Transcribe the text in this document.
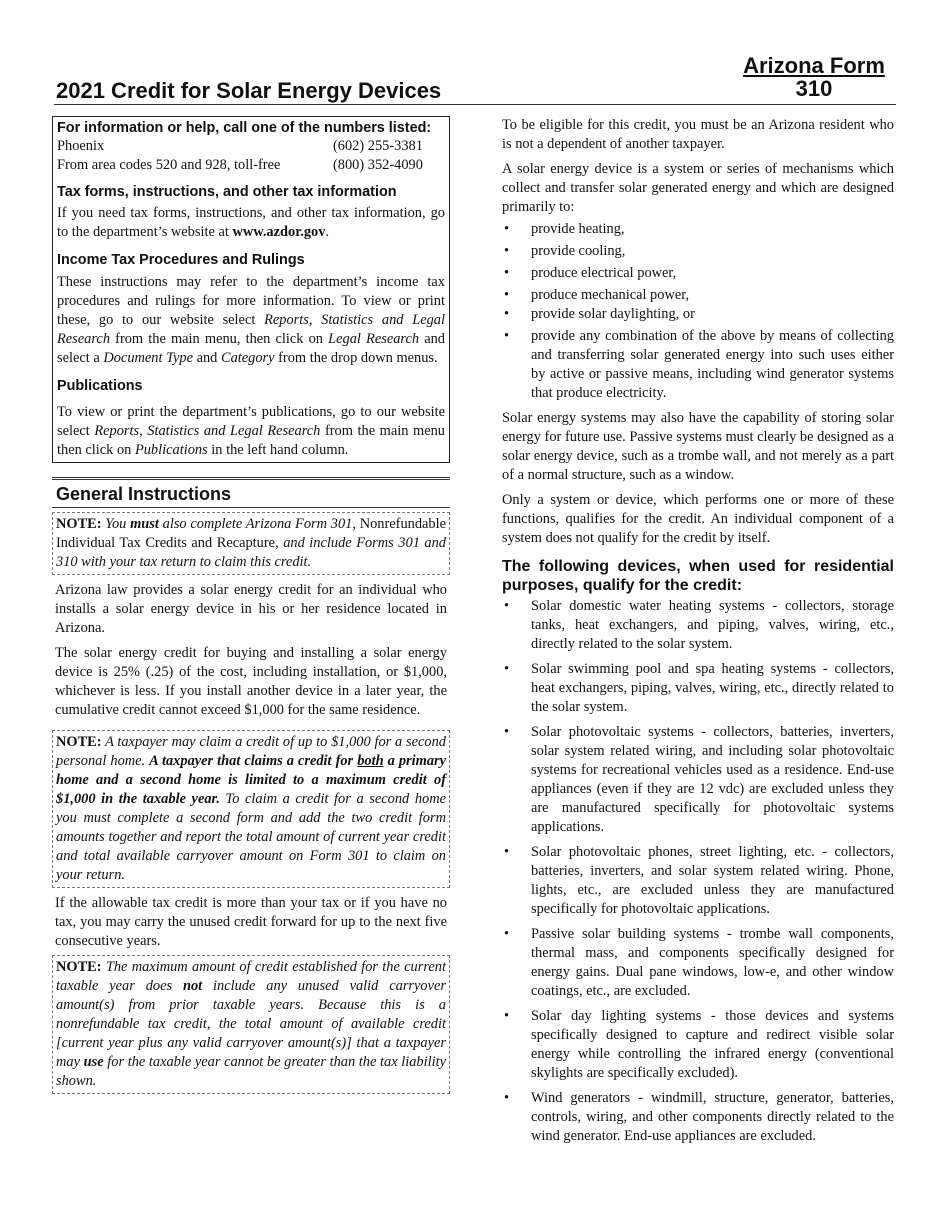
2021 Credit for Solar Energy Devices
Arizona Form
310

For information or help, call one of the numbers listed:

Phoenix	(602) 255-3381
From area codes 520 and 928, toll-free	(800) 352-4090

Tax forms, instructions, and other tax information

If you need tax forms, instructions, and other tax information, go to the department’s website at www.azdor.gov.

Income Tax Procedures and Rulings

These instructions may refer to the department’s income tax procedures and rulings for more information. To view or print these, go to our website select Reports, Statistics and Legal Research from the main menu, then click on Legal Research and select a Document Type and Category from the drop down menus.

Publications

To view or print the department’s publications, go to our website select Reports, Statistics and Legal Research from the main menu then click on Publications in the left hand column.

General Instructions

NOTE: You must also complete Arizona Form 301, Nonrefundable Individual Tax Credits and Recapture, and include Forms 301 and 310 with your tax return to claim this credit.

Arizona law provides a solar energy credit for an individual who installs a solar energy device in his or her residence located in Arizona.

The solar energy credit for buying and installing a solar energy device is 25% (.25) of the cost, including installation, or $1,000, whichever is less. If you install another device in a later year, the cumulative credit cannot exceed $1,000 for the same residence.

NOTE: A taxpayer may claim a credit of up to $1,000 for a second personal home. A taxpayer that claims a credit for both a primary home and a second home is limited to a maximum credit of $1,000 in the taxable year. To claim a credit for a second home you must complete a second form and add the two credit form amounts together and report the total amount of current year credit and total available carryover amount on Form 301 to claim on your return.

If the allowable tax credit is more than your tax or if you have no tax, you may carry the unused credit forward for up to the next five consecutive years.

NOTE: The maximum amount of credit established for the current taxable year does not include any unused valid carryover amount(s) from prior taxable years. Because this is a nonrefundable tax credit, the total amount of available credit [current year plus any valid carryover amount(s)] that a taxpayer may use for the taxable year cannot be greater than the tax liability shown.

To be eligible for this credit, you must be an Arizona resident who is not a dependent of another taxpayer.

A solar energy device is a system or series of mechanisms which collect and transfer solar generated energy and which are designed primarily to:

• provide heating,
• provide cooling,
• produce electrical power,
• produce mechanical power,
• provide solar daylighting, or
• provide any combination of the above by means of collecting and transferring solar generated energy into such uses either by active or passive means, including wind generator systems that produce electricity.

Solar energy systems may also have the capability of storing solar energy for future use. Passive systems must clearly be designed as a solar energy device, such as a trombe wall, and not merely as a part of a normal structure, such as a window.

Only a system or device, which performs one or more of these functions, qualifies for the credit. An individual component of a system does not qualify for the credit by itself.

The following devices, when used for residential purposes, qualify for the credit:

• Solar domestic water heating systems - collectors, storage tanks, heat exchangers, and piping, valves, wiring, etc., directly related to the solar system.
• Solar swimming pool and spa heating systems - collectors, heat exchangers, piping, valves, wiring, etc., directly related to the solar system.
• Solar photovoltaic systems - collectors, batteries, inverters, solar system related wiring, and including solar photovoltaic systems for recreational vehicles used as a residence. End-use appliances (even if they are 12 vdc) are excluded unless they are manufactured specifically for photovoltaic systems applications.
• Solar photovoltaic phones, street lighting, etc. - collectors, batteries, inverters, and solar system related wiring. Phone, lights, etc., are excluded unless they are manufactured specifically for photovoltaic applications.
• Passive solar building systems - trombe wall components, thermal mass, and components specifically designed for energy gains. Dual pane windows, low-e, and other window coatings, etc., are excluded.
• Solar day lighting systems - those devices and systems specifically designed to capture and redirect visible solar energy while controlling the infrared energy (conventional skylights are specifically excluded).
• Wind generators - windmill, structure, generator, batteries, controls, wiring, and other components directly related to the wind generator. End-use appliances are excluded.
